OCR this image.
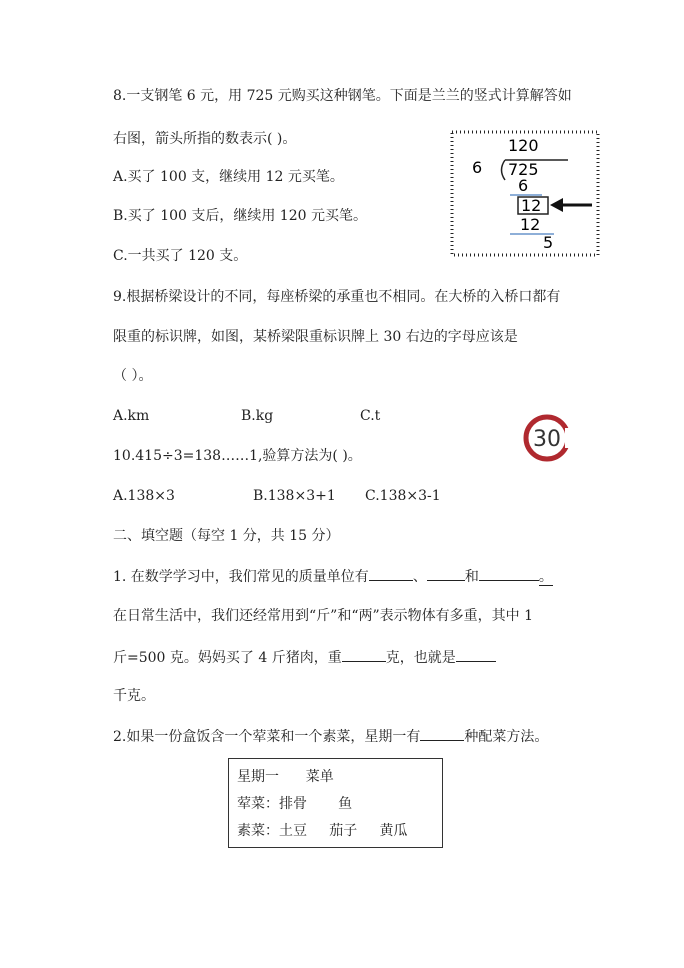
8.一支钢笔 6 元，用 725 元购买这种钢笔。下面是兰兰的竖式计算解答如
右图，箭头所指的数表示( )。
A.买了 100 支，继续用 12 元买笔。
B.买了 100 支后，继续用 120 元买笔。
C.一共买了 120 支。
120
6 725
6
12
12
5
9.根据桥梁设计的不同，每座桥梁的承重也不相同。在大桥的入桥口都有
限重的标识牌，如图，某桥梁限重标识牌上 30 右边的字母应该是
（ ）。
A.km	B.kg	C.t
30
10.415÷3=138……1,验算方法为( )。
A.138×3	B.138×3+1 C.138×3-1
二、填空题（每空 1 分，共 15 分）
1. 在数学学习中，我们常见的质量单位有	、	和	。
在日常生活中，我们还经常用到“斤”和“两”表示物体有多重，其中 1
斤=500 克。妈妈买了 4 斤猪肉，重	克，也就是
千克。
2.如果一份盒饭含一个荤菜和一个素菜，星期一有	种配菜方法。
星期一      菜单
荤菜：排骨       鱼
素菜：土豆     茄子     黄瓜
